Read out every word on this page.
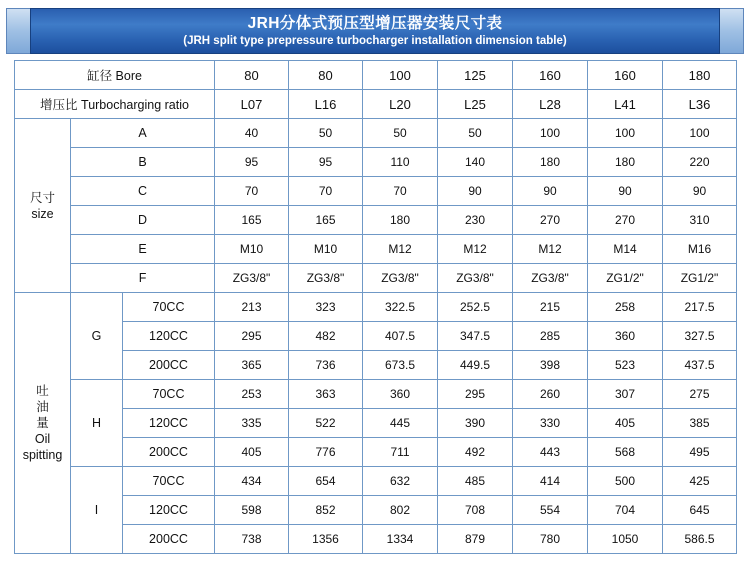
JRH分体式预压型增压器安装尺寸表
(JRH split type prepressure turbocharger installation dimension table)
缸径 Bore			80	80	100	125	160	160	180
增压比 Turbocharging ratio			L07	L16	L20	L25	L28	L41	L36

尺寸
size	A		40	50	50	50	100	100	100
	B		95	95	110	140	180	180	220
	C		70	70	70	90	90	90	90
	D		165	165	180	230	270	270	310
	E		M10	M10	M12	M12	M12	M14	M16
	F		ZG3/8"	ZG3/8"	ZG3/8"	ZG3/8"	ZG3/8"	ZG1/2"	ZG1/2"

吐
油
量
Oil
spitting	G	70CC	213	323	322.5	252.5	215	258	217.5
		120CC	295	482	407.5	347.5	285	360	327.5
		200CC	365	736	673.5	449.5	398	523	437.5
	H	70CC	253	363	360	295	260	307	275
		120CC	335	522	445	390	330	405	385
		200CC	405	776	711	492	443	568	495
	I	70CC	434	654	632	485	414	500	425
		120CC	598	852	802	708	554	704	645
		200CC	738	1356	1334	879	780	1050	586.5
